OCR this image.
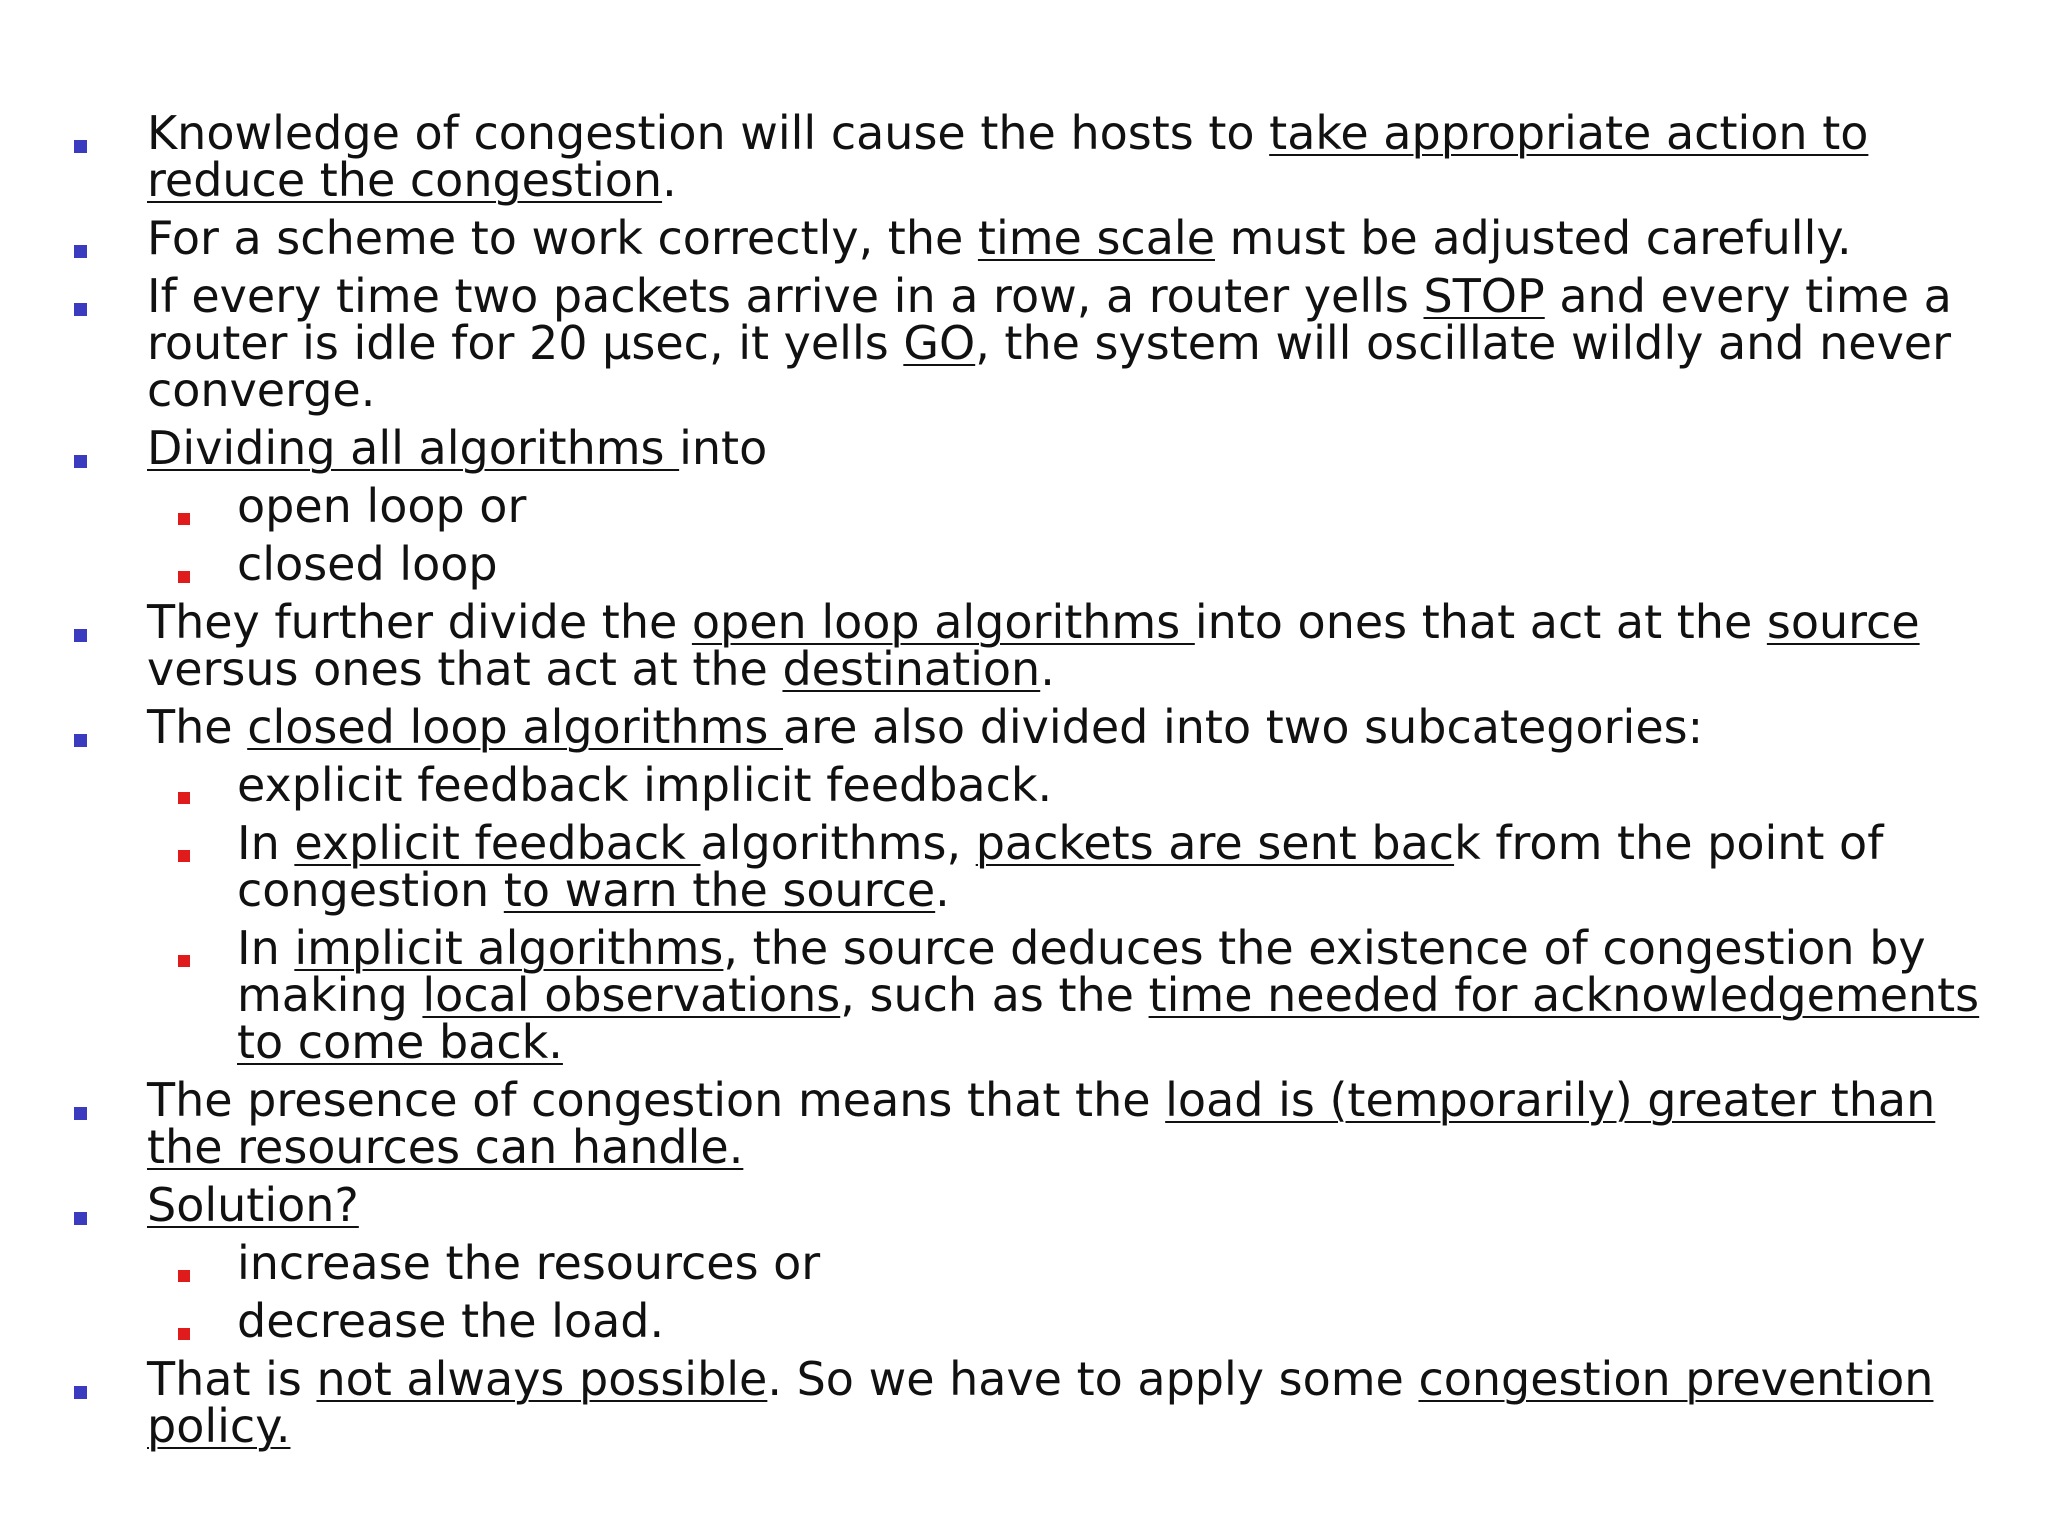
Knowledge of congestion will cause the hosts to take appropriate action to reduce the congestion.
For a scheme to work correctly, the time scale must be adjusted carefully.
If every time two packets arrive in a row, a router yells STOP and every time a router is idle for 20 µsec, it yells GO, the system will oscillate wildly and never converge.
Dividing all algorithms into
open loop or
closed loop
They further divide the open loop algorithms into ones that act at the source versus ones that act at the destination.
The closed loop algorithms are also divided into two subcategories:
explicit feedback implicit feedback.
In explicit feedback algorithms, packets are sent back from the point of congestion to warn the source.
In implicit algorithms, the source deduces the existence of congestion by making local observations, such as the time needed for acknowledgements to come back.
The presence of congestion means that the load is (temporarily) greater than the resources can handle.
Solution?
increase the resources or
decrease the load.
That is not always possible. So we have to apply some congestion prevention policy.
